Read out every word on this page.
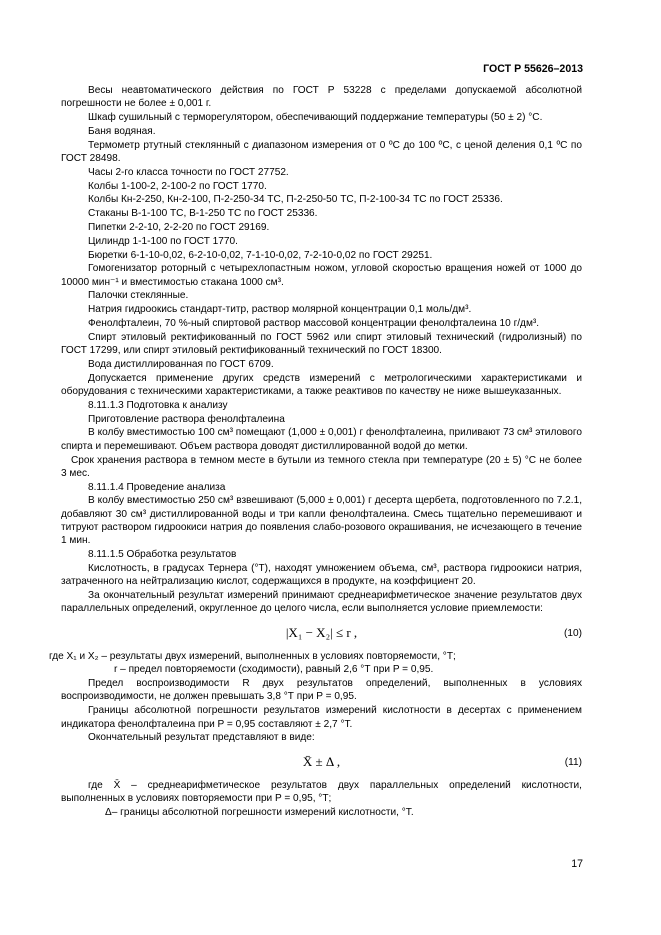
ГОСТ Р 55626–2013

Весы неавтоматического действия по ГОСТ Р 53228 с пределами допускаемой абсолютной погрешности не более ± 0,001 г.

Шкаф сушильный с терморегулятором, обеспечивающий поддержание температуры (50 ± 2) °С.

Баня водяная.

Термометр ртутный стеклянный с диапазоном измерения от 0 ºС до 100 ºС, с ценой деления 0,1 ºС по ГОСТ 28498.

Часы 2-го класса точности по ГОСТ 27752.

Колбы 1-100-2, 2-100-2 по ГОСТ 1770.

Колбы Кн-2-250, Кн-2-100, П-2-250-34 ТС, П-2-250-50 ТС, П-2-100-34 ТС по ГОСТ 25336.

Стаканы В-1-100 ТС, В-1-250 ТС по ГОСТ 25336.

Пипетки 2-2-10, 2-2-20 по ГОСТ 29169.

Цилиндр 1-1-100 по ГОСТ 1770.

Бюретки 6-1-10-0,02, 6-2-10-0,02, 7-1-10-0,02, 7-2-10-0,02 по ГОСТ 29251.

Гомогенизатор роторный с четырехлопастным ножом, угловой скоростью вращения ножей от 1000 до 10000 мин⁻¹ и вместимостью стакана 1000 см³.

Палочки стеклянные.

Натрия гидроокись стандарт-титр, раствор молярной концентрации 0,1 моль/дм³.

Фенолфталеин, 70 %-ный спиртовой раствор массовой концентрации фенолфталеина 10 г/дм³.

Спирт этиловый ректификованный по ГОСТ 5962 или спирт этиловый технический (гидролизный) по ГОСТ 17299, или спирт этиловый ректификованный технический по ГОСТ 18300.

Вода дистиллированная по ГОСТ 6709.

Допускается применение других средств измерений с метрологическими характеристиками и оборудования с техническими характеристиками, а также реактивов по качеству не ниже вышеуказанных.

8.11.1.3 Подготовка к анализу

Приготовление раствора фенолфталеина

В колбу вместимостью 100 см³ помещают (1,000 ± 0,001) г фенолфталеина, приливают 73 см³ этилового спирта и перемешивают. Объем раствора доводят дистиллированной водой до метки.

Срок хранения раствора в темном месте в бутыли из темного стекла при температуре (20 ± 5) °С не более 3 мес.

8.11.1.4 Проведение анализа

В колбу вместимостью 250 см³ взвешивают (5,000 ± 0,001) г десерта щербета, подготовленного по 7.2.1, добавляют 30 см³ дистиллированной воды и три капли фенолфталеина. Смесь тщательно перемешивают и титруют раствором гидроокиси натрия до появления слабо-розового окрашивания, не исчезающего в течение 1 мин.

8.11.1.5 Обработка результатов

Кислотность, в градусах Тернера (°Т), находят умножением объема, см³, раствора гидроокиси натрия, затраченного на нейтрализацию кислот, содержащихся в продукте, на коэффициент 20.

За окончательный результат измерений принимают среднеарифметическое значение результатов двух параллельных определений, округленное до целого числа, если выполняется условие приемлемости:

|X₁ − X₂| ≤ r ,	(10)

где X₁ и X₂ – результаты двух измерений, выполненных в условиях повторяемости, °Т;

r – предел повторяемости (сходимости), равный 2,6 °Т при P = 0,95.

Предел воспроизводимости R двух результатов определений, выполненных в условиях воспроизводимости, не должен превышать 3,8 °Т при P = 0,95.

Границы абсолютной погрешности результатов измерений кислотности в десертах с применением индикатора фенолфталеина при P = 0,95 составляют ± 2,7 °Т.

Окончательный результат представляют в виде:

X̄ ± Δ ,	(11)

где X̄ – среднеарифметическое результатов двух параллельных определений кислотности, выполненных в условиях повторяемости при P = 0,95, °Т;

Δ– границы абсолютной погрешности измерений кислотности, °Т.

17
